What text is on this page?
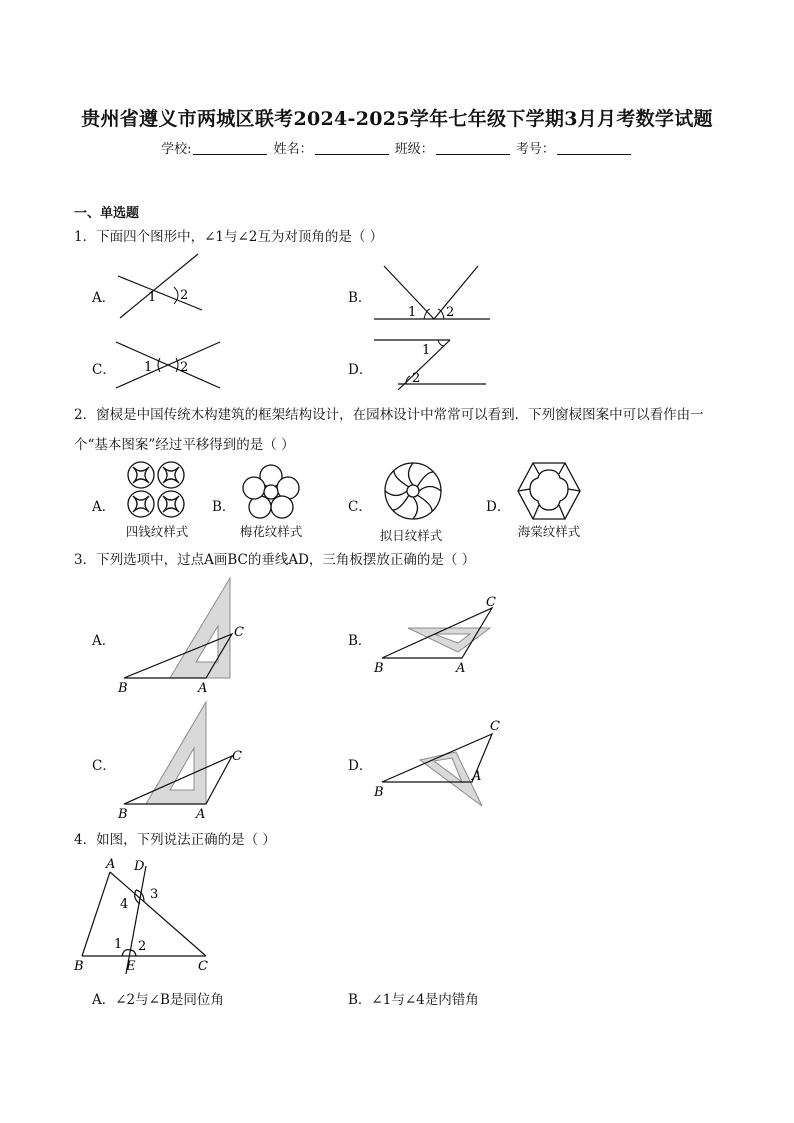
贵州省遵义市两城区联考2024-2025学年七年级下学期3月月考数学试题
学校:	姓名：	班级：	考号：
一、单选题
1．下面四个图形中，∠1与∠2互为对顶角的是（ ）
A．	B．
C．	D．
1 2
1 2
1 2
1
2
2．窗棂是中国传统木构建筑的框架结构设计，在园林设计中常常可以看到．下列窗棂图案中可以看作由一
个“基本图案”经过平移得到的是（ ）
A．	B．	C．	D．
四钱纹样式	梅花纹样式	拟日纹样式	海棠纹样式
3．下列选项中，过点A画BC的垂线AD，三角板摆放正确的是（ ）
A．	B．
C．	D．
B	A
C
B	A
C
B	A
C
B
A
C
4．如图，下列说法正确的是（ ）
A D
3
4
1 2
B	E	C
A．∠2与∠B是同位角	B．∠1与∠4是内错角
